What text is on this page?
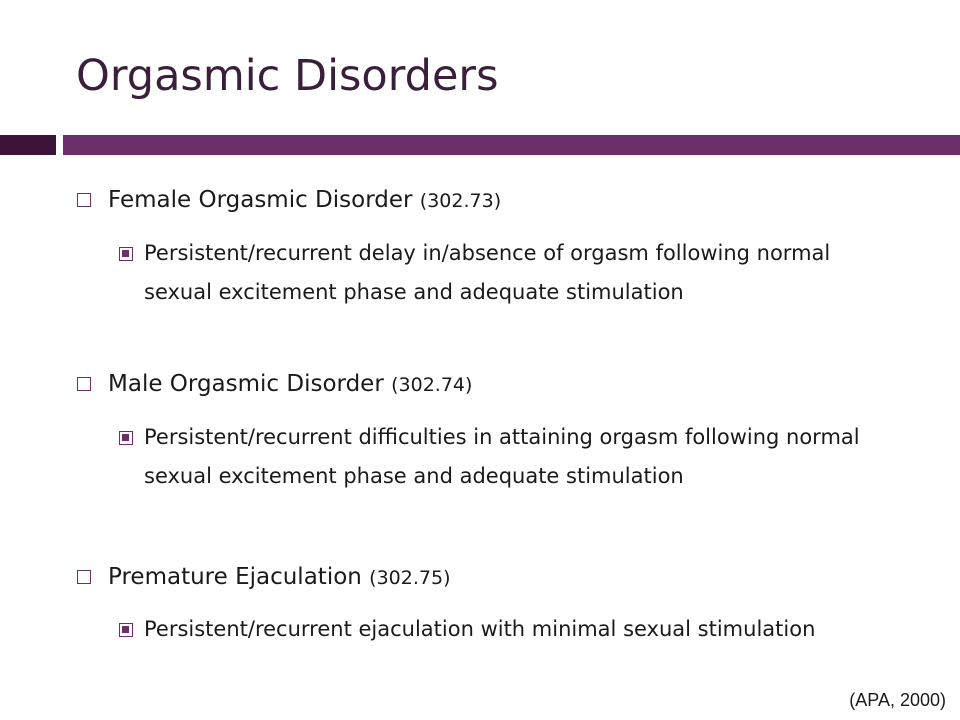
Orgasmic Disorders
Female Orgasmic Disorder (302.73)
Persistent/recurrent delay in/absence of orgasm following normal sexual excitement phase and adequate stimulation
Male Orgasmic Disorder (302.74)
Persistent/recurrent difficulties in attaining orgasm following normal sexual excitement phase and adequate stimulation
Premature Ejaculation (302.75)
Persistent/recurrent ejaculation with minimal sexual stimulation
(APA, 2000)
